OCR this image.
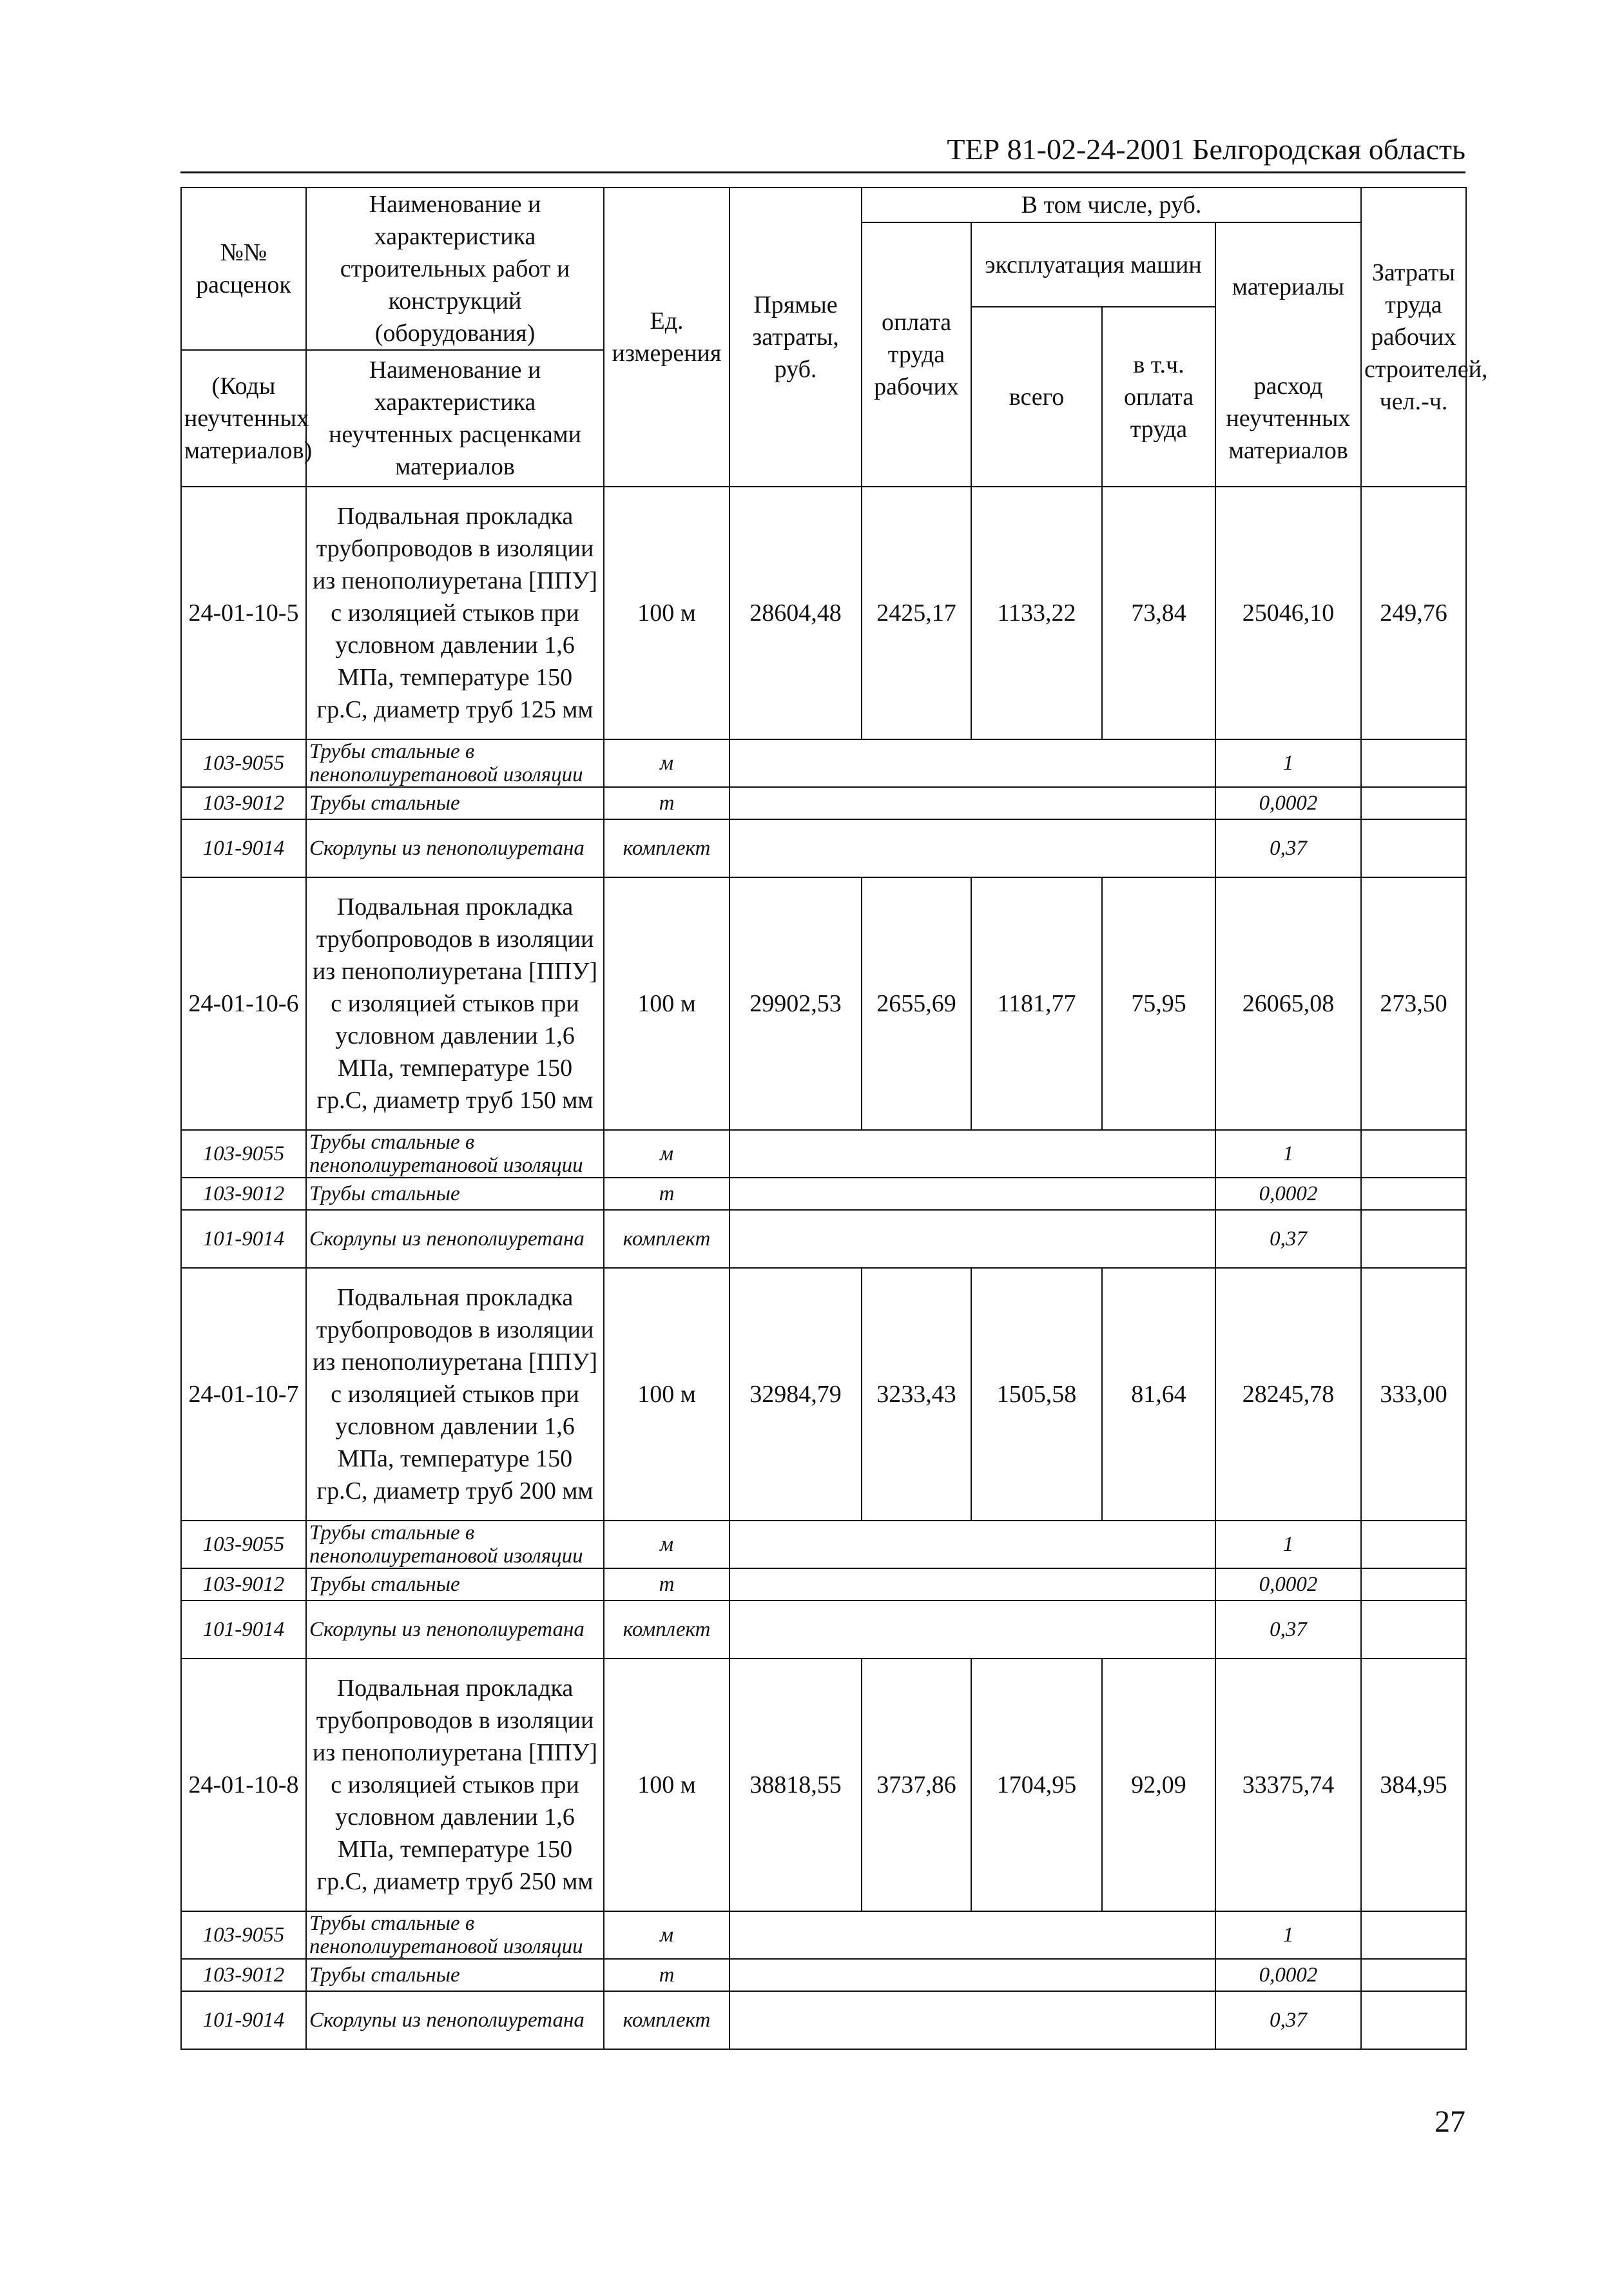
ТЕР 81-02-24-2001 Белгородская область
№№ расценок	Наименование и характеристика строительных работ и конструкций (оборудования)	Ед. измерения	Прямые затраты, руб.	В том числе, руб.				Затраты труда рабочих строителей, чел.-ч.
				оплата труда рабочих	эксплуатация машин		материалы	
					всего	в т.ч. оплата труда		
(Коды неучтенных материалов)	Наименование и характеристика неучтенных расценками материалов						расход неучтенных материалов	

24-01-10-5	Подвальная прокладка трубопроводов в изоляции из пенополиуретана [ППУ] с изоляцией стыков при условном давлении 1,6 МПа, температуре 150 гр.С, диаметр труб 125 мм	100 м	28604,48	2425,17	1133,22	73,84	25046,10	249,76
103-9055	Трубы стальные в пенополиуретановой изоляции	м					1	
103-9012	Трубы стальные	т					0,0002	
101-9014	Скорлупы из пенополиуретана	комплект					0,37	
24-01-10-6	Подвальная прокладка трубопроводов в изоляции из пенополиуретана [ППУ] с изоляцией стыков при условном давлении 1,6 МПа, температуре 150 гр.С, диаметр труб 150 мм	100 м	29902,53	2655,69	1181,77	75,95	26065,08	273,50
103-9055	Трубы стальные в пенополиуретановой изоляции	м					1	
103-9012	Трубы стальные	т					0,0002	
101-9014	Скорлупы из пенополиуретана	комплект					0,37	
24-01-10-7	Подвальная прокладка трубопроводов в изоляции из пенополиуретана [ППУ] с изоляцией стыков при условном давлении 1,6 МПа, температуре 150 гр.С, диаметр труб 200 мм	100 м	32984,79	3233,43	1505,58	81,64	28245,78	333,00
103-9055	Трубы стальные в пенополиуретановой изоляции	м					1	
103-9012	Трубы стальные	т					0,0002	
101-9014	Скорлупы из пенополиуретана	комплект					0,37	
24-01-10-8	Подвальная прокладка трубопроводов в изоляции из пенополиуретана [ППУ] с изоляцией стыков при условном давлении 1,6 МПа, температуре 150 гр.С, диаметр труб 250 мм	100 м	38818,55	3737,86	1704,95	92,09	33375,74	384,95
103-9055	Трубы стальные в пенополиуретановой изоляции	м					1	
103-9012	Трубы стальные	т					0,0002	
101-9014	Скорлупы из пенополиуретана	комплект					0,37	
27
